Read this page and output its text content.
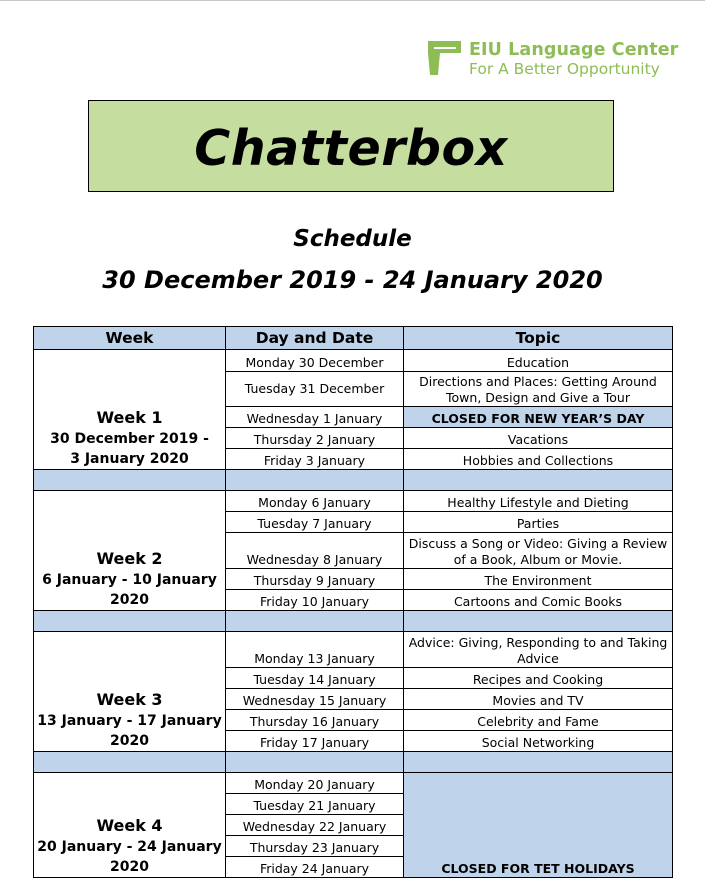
EIU Language Center
For A Better Opportunity
Chatterbox
Schedule
30 December 2019 - 24 January 2020
Week	Day and Date	Topic

Week 1
30 December 2019 -
3 January 2020	Monday 30 December	Education
	Tuesday 31 December	Directions and Places: Getting Around Town, Design and Give a Tour
	Wednesday 1 January	CLOSED FOR NEW YEAR’S DAY
	Thursday 2 January	Vacations
	Friday 3 January	Hobbies and Collections

Week 2
6 January - 10 January
2020	Monday 6 January	Healthy Lifestyle and Dieting
	Tuesday 7 January	Parties
	Wednesday 8 January	Discuss a Song or Video: Giving a Review of a Book, Album or Movie.
	Thursday 9 January	The Environment
	Friday 10 January	Cartoons and Comic Books

Week 3
13 January - 17 January
2020	Monday 13 January	Advice: Giving, Responding to and Taking Advice
	Tuesday 14 January	Recipes and Cooking
	Wednesday 15 January	Movies and TV
	Thursday 16 January	Celebrity and Fame
	Friday 17 January	Social Networking

Week 4
20 January - 24 January
2020	Monday 20 January	CLOSED FOR TET HOLIDAYS
	Tuesday 21 January	
	Wednesday 22 January	
	Thursday 23 January	
	Friday 24 January	
